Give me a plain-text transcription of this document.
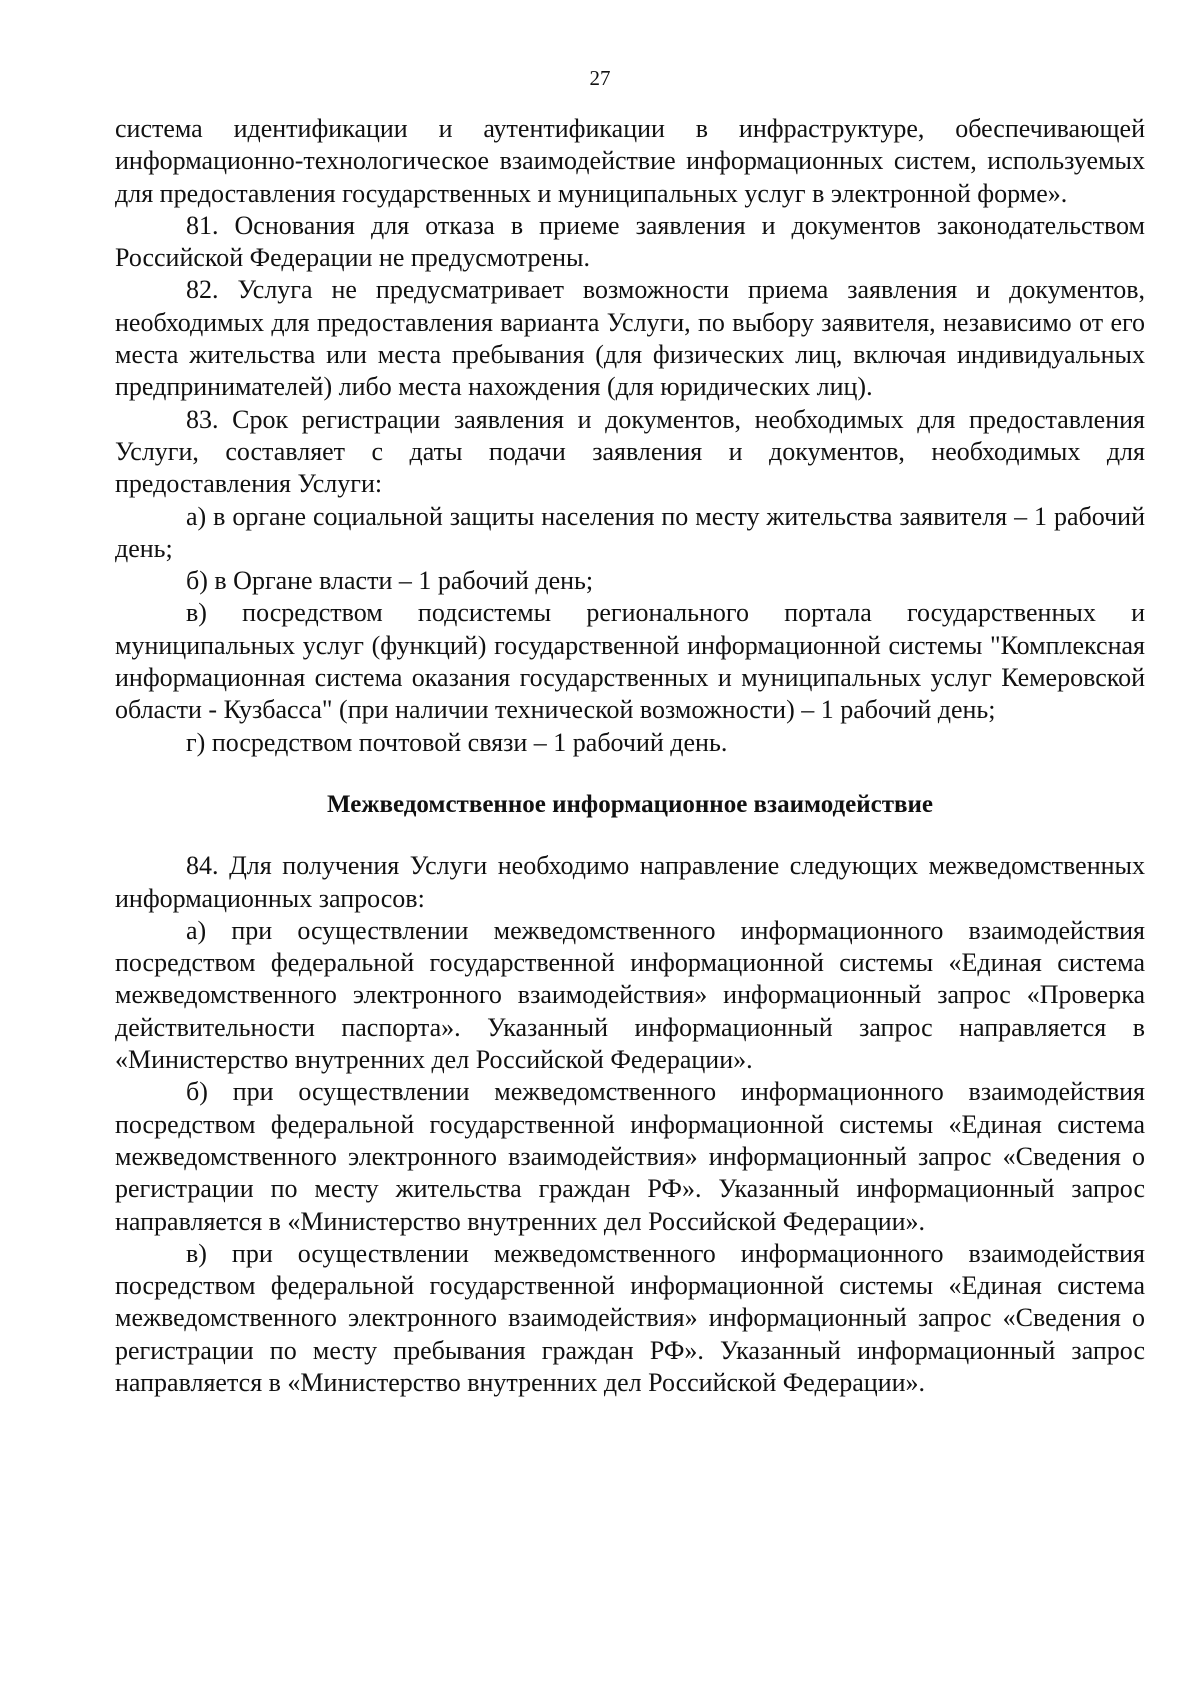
27

система идентификации и аутентификации в инфраструктуре, обеспечивающей информационно-технологическое взаимодействие информационных систем, используемых для предоставления государственных и муниципальных услуг в электронной форме».

81. Основания для отказа в приеме заявления и документов законодательством Российской Федерации не предусмотрены.

82. Услуга не предусматривает возможности приема заявления и документов, необходимых для предоставления варианта Услуги, по выбору заявителя, независимо от его места жительства или места пребывания (для физических лиц, включая индивидуальных предпринимателей) либо места нахождения (для юридических лиц).

83. Срок регистрации заявления и документов, необходимых для предоставления Услуги, составляет с даты подачи заявления и документов, необходимых для предоставления Услуги:

а) в органе социальной защиты населения по месту жительства заявителя – 1 рабочий день;

б) в Органе власти – 1 рабочий день;

в) посредством подсистемы регионального портала государственных и муниципальных услуг (функций) государственной информационной системы "Комплексная информационная система оказания государственных и муниципальных услуг Кемеровской области - Кузбасса" (при наличии технической возможности) – 1 рабочий день;

г) посредством почтовой связи – 1 рабочий день.

Межведомственное информационное взаимодействие

84. Для получения Услуги необходимо направление следующих межведомственных информационных запросов:

а) при осуществлении межведомственного информационного взаимодействия посредством федеральной государственной информационной системы «Единая система межведомственного электронного взаимодействия» информационный запрос «Проверка действительности паспорта». Указанный информационный запрос направляется в «Министерство внутренних дел Российской Федерации».

б) при осуществлении межведомственного информационного взаимодействия посредством федеральной государственной информационной системы «Единая система межведомственного электронного взаимодействия» информационный запрос «Сведения о регистрации по месту жительства граждан РФ». Указанный информационный запрос направляется в «Министерство внутренних дел Российской Федерации».

в) при осуществлении межведомственного информационного взаимодействия посредством федеральной государственной информационной системы «Единая система межведомственного электронного взаимодействия» информационный запрос «Сведения о регистрации по месту пребывания граждан РФ». Указанный информационный запрос направляется в «Министерство внутренних дел Российской Федерации».
